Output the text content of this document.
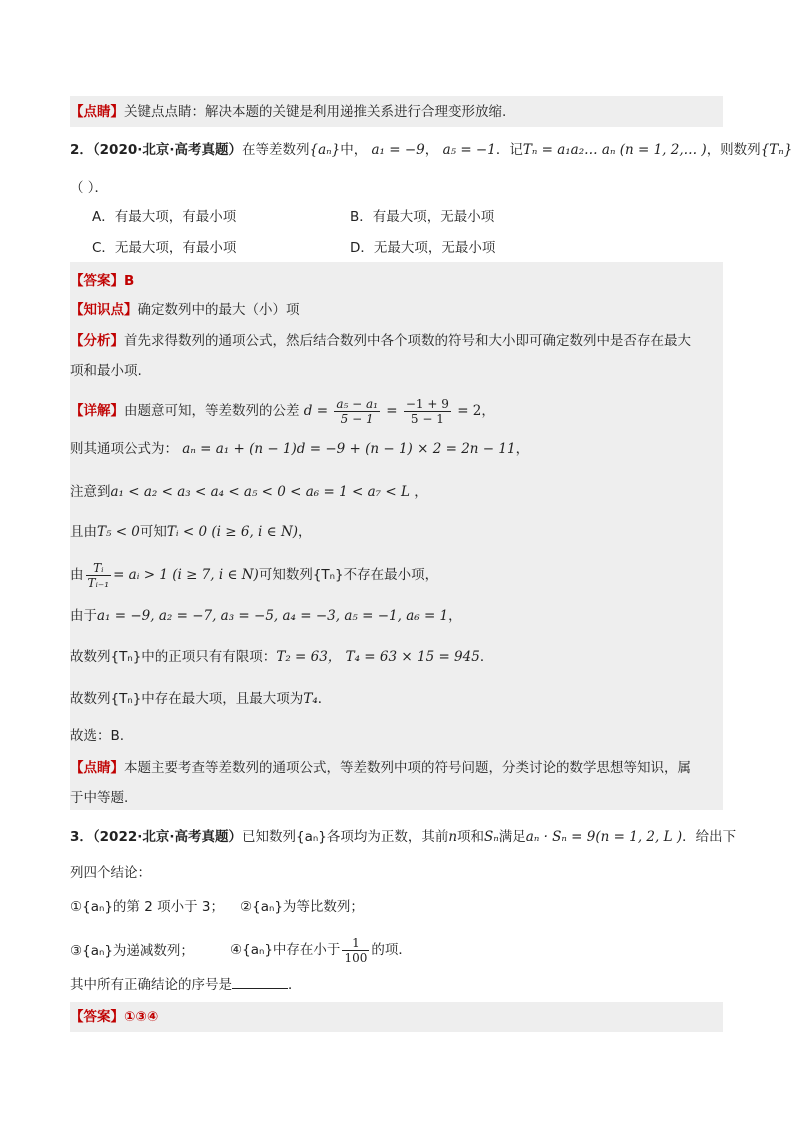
【点睛】关键点点睛：解决本题的关键是利用递推关系进行合理变形放缩.
2．（2020·北京·高考真题）在等差数列{aₙ}中， a₁ = −9， a₅ = −1．记Tₙ = a₁a₂… aₙ (n = 1, 2,… )，则数列{Tₙ}
（ ）．
A．有最大项，有最小项	B．有最大项，无最小项
C．无最大项，有最小项	D．无最大项，无最小项
【答案】B
【知识点】确定数列中的最大（小）项
【分析】首先求得数列的通项公式，然后结合数列中各个项数的符号和大小即可确定数列中是否存在最大
项和最小项.
【详解】由题意可知，等差数列的公差 $d = \frac{\text{a₅ − a₁}}{5 - 1} = \frac{-1 + 9}{5 - 1} = 2$，
则其通项公式为： aₙ = a₁ + (n − 1)d = −9 + (n − 1) × 2 = 2n − 11，
注意到a₁ < a₂ < a₃ < a₄ < a₅ < 0 < a₆ = 1 < a₇ < L ，
且由T₅ < 0可知Tᵢ < 0 (i ≥ 6, i ∈ N)，
由 $\frac{\text{Tᵢ}}{\text{Tᵢ₋₁}}$ = aᵢ > 1 (i ≥ 7, i ∈ N)可知数列{Tₙ}不存在最小项，
由于a₁ = −9, a₂ = −7, a₃ = −5, a₄ = −3, a₅ = −1, a₆ = 1，
故数列{Tₙ}中的正项只有有限项：T₂ = 63， T₄ = 63 × 15 = 945．
故数列{Tₙ}中存在最大项，且最大项为T₄．
故选：B.
【点睛】本题主要考查等差数列的通项公式，等差数列中项的符号问题，分类讨论的数学思想等知识，属
于中等题.
3．（2022·北京·高考真题）已知数列{aₙ}各项均为正数，其前n项和Sₙ满足aₙ · Sₙ = 9(n = 1, 2, L )．给出下
列四个结论：
①{aₙ}的第 2 项小于 3； ②{aₙ}为等比数列；
③{aₙ}为递减数列；	④{aₙ}中存在小于 $\frac{1}{100}$ 的项．
其中所有正确结论的序号是	．
【答案】①③④
